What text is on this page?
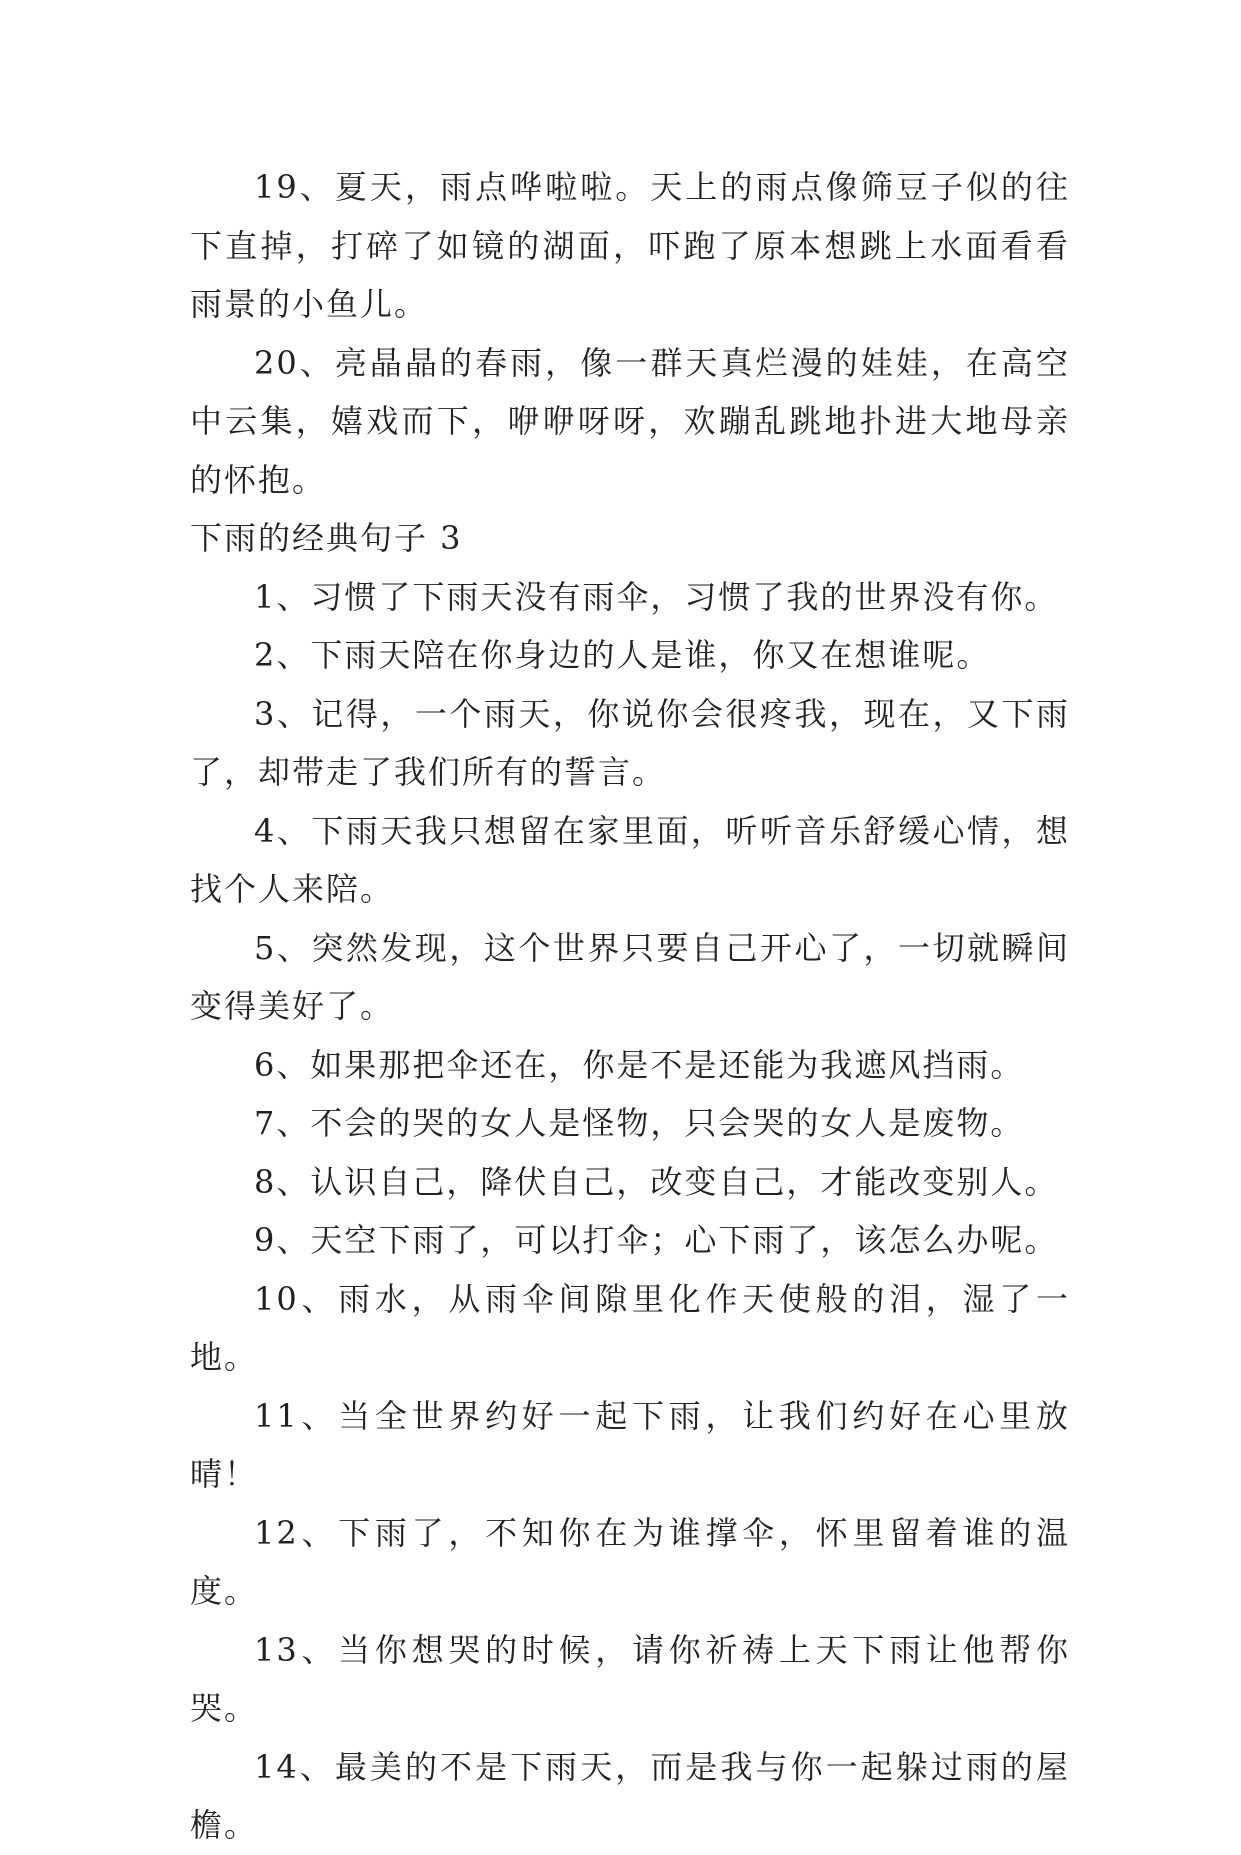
19、夏天，雨点哗啦啦。天上的雨点像筛豆子似的往下直掉，打碎了如镜的湖面，吓跑了原本想跳上水面看看雨景的小鱼儿。

20、亮晶晶的春雨，像一群天真烂漫的娃娃，在高空中云集，嬉戏而下，咿咿呀呀，欢蹦乱跳地扑进大地母亲的怀抱。

下雨的经典句子 3

1、习惯了下雨天没有雨伞，习惯了我的世界没有你。

2、下雨天陪在你身边的人是谁，你又在想谁呢。

3、记得，一个雨天，你说你会很疼我，现在，又下雨了，却带走了我们所有的誓言。

4、下雨天我只想留在家里面，听听音乐舒缓心情，想找个人来陪。

5、突然发现，这个世界只要自己开心了，一切就瞬间变得美好了。

6、如果那把伞还在，你是不是还能为我遮风挡雨。

7、不会的哭的女人是怪物，只会哭的女人是废物。

8、认识自己，降伏自己，改变自己，才能改变别人。

9、天空下雨了，可以打伞；心下雨了，该怎么办呢。

10、雨水，从雨伞间隙里化作天使般的泪，湿了一地。

11、当全世界约好一起下雨，让我们约好在心里放晴！

12、下雨了，不知你在为谁撑伞，怀里留着谁的温度。

13、当你想哭的时候，请你祈祷上天下雨让他帮你哭。

14、最美的不是下雨天，而是我与你一起躲过雨的屋檐。
